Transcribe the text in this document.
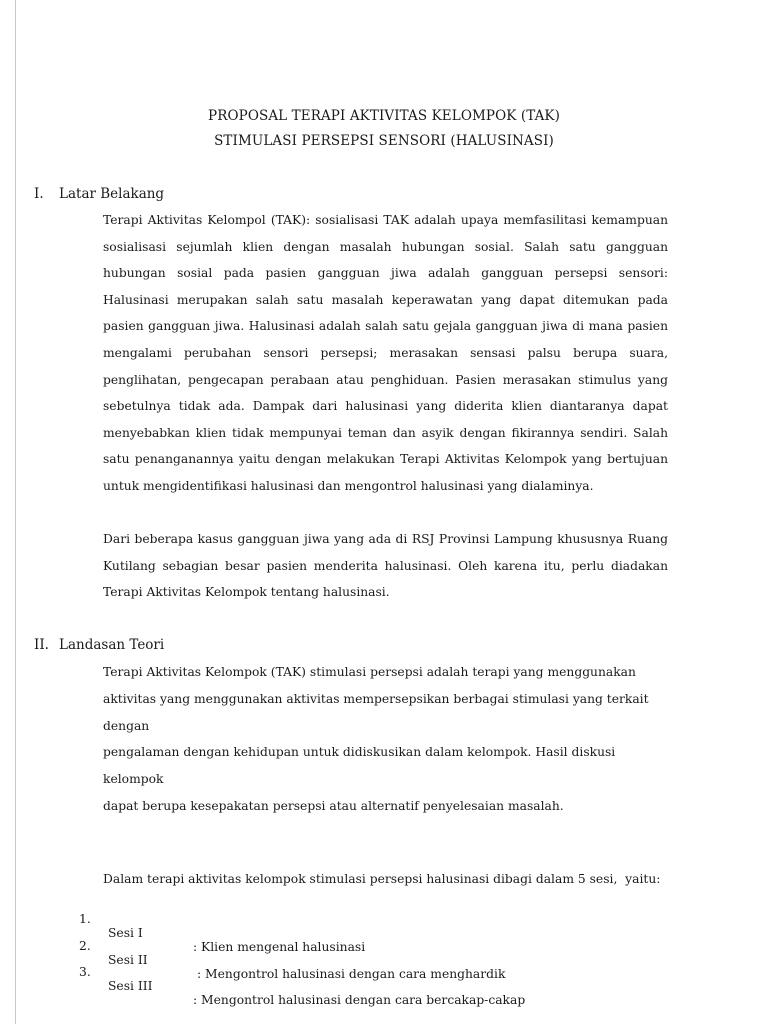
PROPOSAL TERAPI AKTIVITAS KELOMPOK (TAK)
STIMULASI PERSEPSI SENSORI (HALUSINASI)
I. Latar Belakang

Terapi Aktivitas Kelompol (TAK): sosialisasi TAK adalah upaya memfasilitasi kemampuan sosialisasi sejumlah klien dengan masalah hubungan sosial. Salah satu gangguan hubungan sosial pada pasien gangguan jiwa adalah gangguan persepsi sensori: Halusinasi merupakan salah satu masalah keperawatan yang dapat ditemukan pada pasien gangguan jiwa. Halusinasi adalah salah satu gejala gangguan jiwa di mana pasien mengalami perubahan sensori persepsi; merasakan sensasi palsu berupa suara, penglihatan, pengecapan perabaan atau penghiduan. Pasien merasakan stimulus yang sebetulnya tidak ada. Dampak dari halusinasi yang diderita klien diantaranya dapat menyebabkan klien tidak mempunyai teman dan asyik dengan fikirannya sendiri. Salah satu penanganannya yaitu dengan melakukan Terapi Aktivitas Kelompok yang bertujuan untuk mengidentifikasi halusinasi dan mengontrol halusinasi yang dialaminya.

Dari beberapa kasus gangguan jiwa yang ada di RSJ Provinsi Lampung khususnya Ruang Kutilang sebagian besar pasien menderita halusinasi. Oleh karena itu, perlu diadakan Terapi Aktivitas Kelompok tentang halusinasi.

II. Landasan Teori
Terapi Aktivitas Kelompok (TAK) stimulasi persepsi adalah terapi yang menggunakan
aktivitas yang menggunakan aktivitas mempersepsikan berbagai stimulasi yang terkait dengan
pengalaman dengan kehidupan untuk didiskusikan dalam kelompok. Hasil diskusi kelompok
dapat berupa kesepakatan persepsi atau alternatif penyelesaian masalah.
Dalam terapi aktivitas kelompok stimulasi persepsi halusinasi dibagi dalam 5 sesi,  yaitu:

1.

Sesi I

: Klien mengenal halusinasi

2.

Sesi II

: Mengontrol halusinasi dengan cara menghardik

3.

Sesi III

: Mengontrol halusinasi dengan cara bercakap-cakap
